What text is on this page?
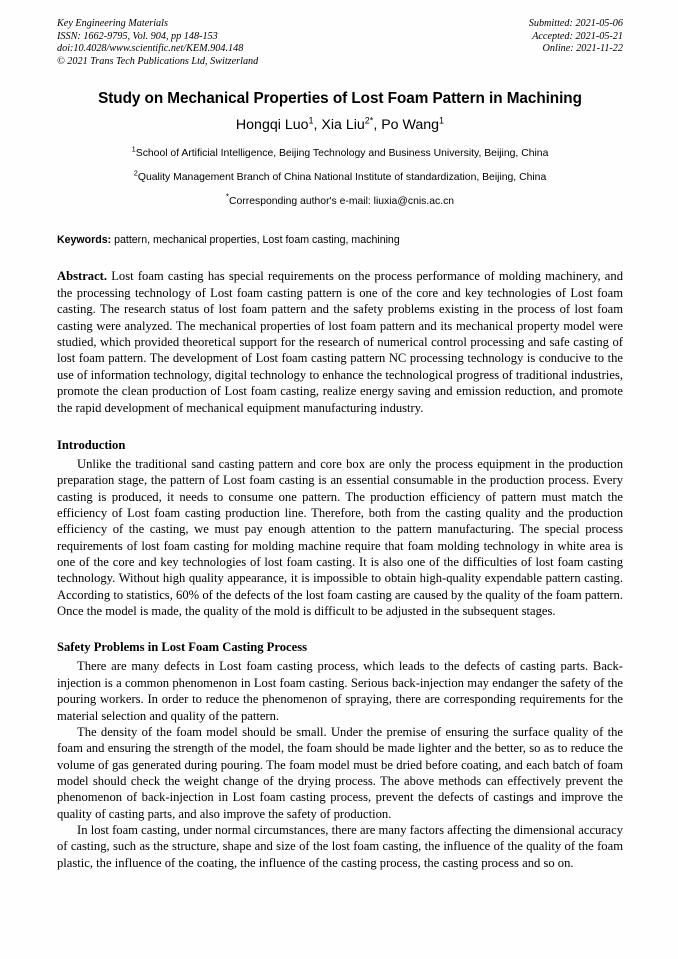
Key Engineering Materials
ISSN: 1662-9795, Vol. 904, pp 148-153
doi:10.4028/www.scientific.net/KEM.904.148
© 2021 Trans Tech Publications Ltd, Switzerland
Submitted: 2021-05-06
Accepted: 2021-05-21
Online: 2021-11-22
Study on Mechanical Properties of Lost Foam Pattern in Machining
Hongqi Luo$^1$, Xia Liu$^{2*}$, Po Wang$^1$
$^1$School of Artificial Intelligence, Beijing Technology and Business University, Beijing, China
$^2$Quality Management Branch of China National Institute of standardization, Beijing, China
*Corresponding author's e-mail: liuxia@cnis.ac.cn
Keywords: pattern, mechanical properties, Lost foam casting, machining
Abstract. Lost foam casting has special requirements on the process performance of molding machinery, and the processing technology of Lost foam casting pattern is one of the core and key technologies of Lost foam casting. The research status of lost foam pattern and the safety problems existing in the process of lost foam casting were analyzed. The mechanical properties of lost foam pattern and its mechanical property model were studied, which provided theoretical support for the research of numerical control processing and safe casting of lost foam pattern. The development of Lost foam casting pattern NC processing technology is conducive to the use of information technology, digital technology to enhance the technological progress of traditional industries, promote the clean production of Lost foam casting, realize energy saving and emission reduction, and promote the rapid development of mechanical equipment manufacturing industry.
Introduction

Unlike the traditional sand casting pattern and core box are only the process equipment in the production preparation stage, the pattern of Lost foam casting is an essential consumable in the production process. Every casting is produced, it needs to consume one pattern. The production efficiency of pattern must match the efficiency of Lost foam casting production line. Therefore, both from the casting quality and the production efficiency of the casting, we must pay enough attention to the pattern manufacturing. The special process requirements of lost foam casting for molding machine require that foam molding technology in white area is one of the core and key technologies of lost foam casting. It is also one of the difficulties of lost foam casting technology. Without high quality appearance, it is impossible to obtain high-quality expendable pattern casting. According to statistics, 60% of the defects of the lost foam casting are caused by the quality of the foam pattern. Once the model is made, the quality of the mold is difficult to be adjusted in the subsequent stages.

Safety Problems in Lost Foam Casting Process

There are many defects in Lost foam casting process, which leads to the defects of casting parts. Back-injection is a common phenomenon in Lost foam casting. Serious back-injection may endanger the safety of the pouring workers. In order to reduce the phenomenon of spraying, there are corresponding requirements for the material selection and quality of the pattern.

The density of the foam model should be small. Under the premise of ensuring the surface quality of the foam and ensuring the strength of the model, the foam should be made lighter and the better, so as to reduce the volume of gas generated during pouring. The foam model must be dried before coating, and each batch of foam model should check the weight change of the drying process. The above methods can effectively prevent the phenomenon of back-injection in Lost foam casting process, prevent the defects of castings and improve the quality of casting parts, and also improve the safety of production.

In lost foam casting, under normal circumstances, there are many factors affecting the dimensional accuracy of casting, such as the structure, shape and size of the lost foam casting, the influence of the quality of the foam plastic, the influence of the coating, the influence of the casting process, the casting process and so on.
